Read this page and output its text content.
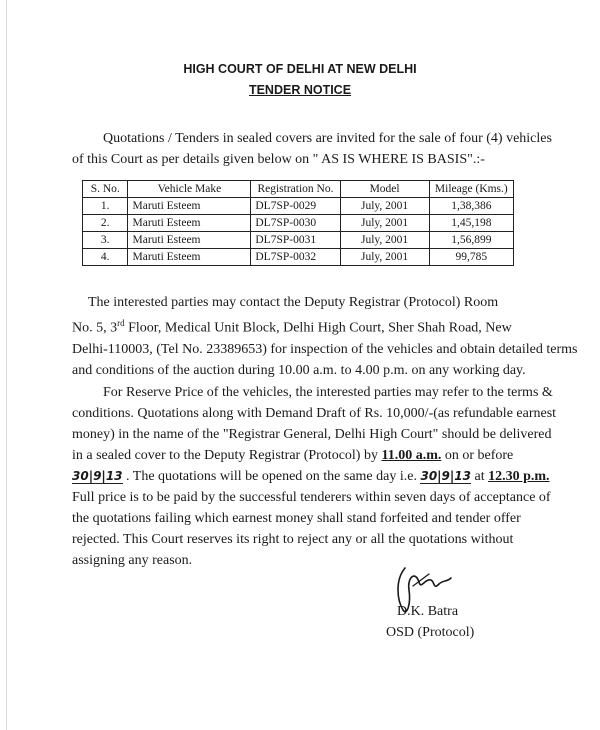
HIGH COURT OF DELHI AT NEW DELHI
TENDER NOTICE
Quotations / Tenders in sealed covers are invited for the sale of four (4) vehicles
of this Court as per details given below on " AS IS WHERE IS BASIS".:-
S. No.	Vehicle Make	Registration No.	Model	Mileage (Kms.)
1.	Maruti Esteem	DL7SP-0029	July, 2001	1,38,386
2.	Maruti Esteem	DL7SP-0030	July, 2001	1,45,198
3.	Maruti Esteem	DL7SP-0031	July, 2001	1,56,899
4.	Maruti Esteem	DL7SP-0032	July, 2001	99,785
The interested parties may contact the Deputy Registrar (Protocol) Room
No. 5, 3rd Floor, Medical Unit Block, Delhi High Court, Sher Shah Road, New
Delhi-110003, (Tel No. 23389653) for inspection of the vehicles and obtain detailed terms
and conditions of the auction during 10.00 a.m. to 4.00 p.m. on any working day.
For Reserve Price of the vehicles, the interested parties may refer to the terms &
conditions. Quotations along with Demand Draft of Rs. 10,000/-(as refundable earnest
money) in the name of the "Registrar General, Delhi High Court" should be delivered
in a sealed cover to the Deputy Registrar (Protocol) by 11.00 a.m. on or before
30|9|13 . The quotations will be opened on the same day i.e. 30|9|13 at 12.30 p.m.
Full price is to be paid by the successful tenderers within seven days of acceptance of
the quotations failing which earnest money shall stand forfeited and tender offer
rejected. This Court reserves its right to reject any or all the quotations without
assigning any reason.
D.K. Batra
OSD (Protocol)
